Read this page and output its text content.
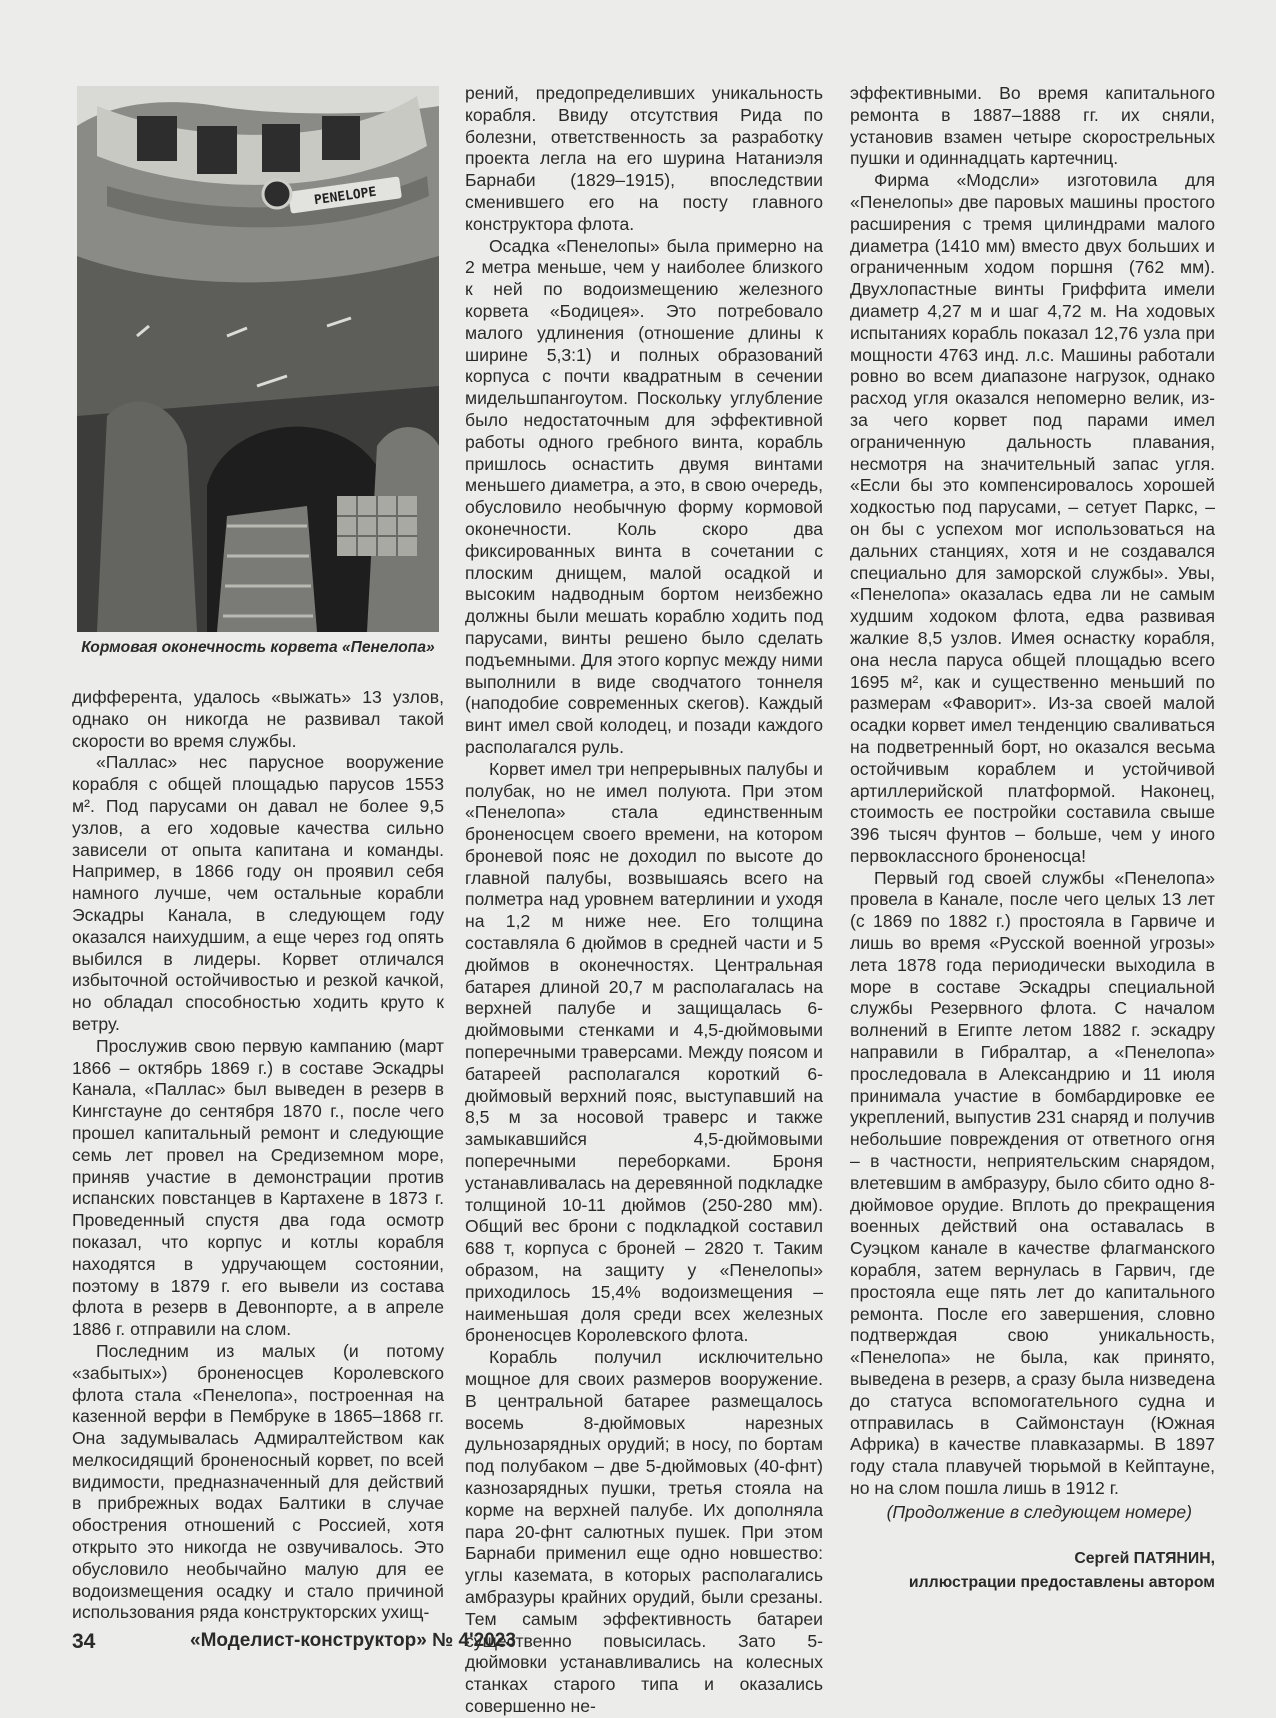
PENELOPE
Кормовая оконечность корвета «Пенелопа»

дифферента, удалось «выжать» 13 узлов, однако он никогда не развивал такой скорости во время службы.

«Паллас» нес парусное вооружение корабля с общей площадью парусов 1553 м². Под парусами он давал не более 9,5 узлов, а его ходовые качества сильно зависели от опыта капитана и команды. Например, в 1866 году он проявил себя намного лучше, чем остальные корабли Эскадры Канала, в следующем году оказался наихудшим, а еще через год опять выбился в лидеры. Корвет отличался избыточной остойчивостью и резкой качкой, но обладал способностью ходить круто к ветру.

Прослужив свою первую кампанию (март 1866 – октябрь 1869 г.) в составе Эскадры Канала, «Паллас» был выведен в резерв в Кингстауне до сентября 1870 г., после чего прошел капитальный ремонт и следующие семь лет провел на Средиземном море, приняв участие в демонстрации против испанских повстанцев в Картахене в 1873 г. Проведенный спустя два года осмотр показал, что корпус и котлы корабля находятся в удручающем состоянии, поэтому в 1879 г. его вывели из состава флота в резерв в Девонпорте, а в апреле 1886 г. отправили на слом.

Последним из малых (и потому «забытых») броненосцев Королевского флота стала «Пенелопа», построенная на казенной верфи в Пембруке в 1865–1868 гг. Она задумывалась Адмиралтейством как мелкосидящий броненосный корвет, по всей видимости, предназначенный для действий в прибрежных водах Балтики в случае обострения отношений с Россией, хотя открыто это никогда не озвучивалось. Это обусловило необычайно малую для ее водоизмещения осадку и стало причиной использования ряда конструкторских ухищ-

рений, предопределивших уникальность корабля. Ввиду отсутствия Рида по болезни, ответственность за разработку проекта легла на его шурина Натаниэля Барнаби (1829–1915), впоследствии сменившего его на посту главного конструктора флота.

Осадка «Пенелопы» была примерно на 2 метра меньше, чем у наиболее близкого к ней по водоизмещению железного корвета «Бодицея». Это потребовало малого удлинения (отношение длины к ширине 5,3:1) и полных образований корпуса с почти квадратным в сечении мидельшпангоутом. Поскольку углубление было недостаточным для эффективной работы одного гребного винта, корабль пришлось оснастить двумя винтами меньшего диаметра, а это, в свою очередь, обусловило необычную форму кормовой оконечности. Коль скоро два фиксированных винта в сочетании с плоским днищем, малой осадкой и высоким надводным бортом неизбежно должны были мешать кораблю ходить под парусами, винты решено было сделать подъемными. Для этого корпус между ними выполнили в виде сводчатого тоннеля (наподобие современных скегов). Каждый винт имел свой колодец, и позади каждого располагался руль.

Корвет имел три непрерывных палубы и полубак, но не имел полуюта. При этом «Пенелопа» стала единственным броненосцем своего времени, на котором броневой пояс не доходил по высоте до главной палубы, возвышаясь всего на полметра над уровнем ватерлинии и уходя на 1,2 м ниже нее. Его толщина составляла 6 дюймов в средней части и 5 дюймов в оконечностях. Центральная батарея длиной 20,7 м располагалась на верхней палубе и защищалась 6-дюймовыми стенками и 4,5-дюймовыми поперечными траверсами. Между поясом и батареей располагался короткий 6-дюймовый верхний пояс, выступавший на 8,5 м за носовой траверс и также замыкавшийся 4,5-дюймовыми поперечными переборками. Броня устанавливалась на деревянной подкладке толщиной 10-11 дюймов (250-280 мм). Общий вес брони с подкладкой составил 688 т, корпуса с броней – 2820 т. Таким образом, на защиту у «Пенелопы» приходилось 15,4% водоизмещения – наименьшая доля среди всех железных броненосцев Королевского флота.

Корабль получил исключительно мощное для своих размеров вооружение. В центральной батарее размещалось восемь 8-дюймовых нарезных дульнозарядных орудий; в носу, по бортам под полубаком – две 5-дюймовых (40-фнт) казнозарядных пушки, третья стояла на корме на верхней палубе. Их дополняла пара 20-фнт салютных пушек. При этом Барнаби применил еще одно новшество: углы каземата, в которых располагались амбразуры крайних орудий, были срезаны. Тем самым эффективность батареи существенно повысилась. Зато 5-дюймовки устанавливались на колесных станках старого типа и оказались совершенно не-

эффективными. Во время капитального ремонта в 1887–1888 гг. их сняли, установив взамен четыре скорострельных пушки и одиннадцать картечниц.

Фирма «Модсли» изготовила для «Пенелопы» две паровых машины простого расширения с тремя цилиндрами малого диаметра (1410 мм) вместо двух больших и ограниченным ходом поршня (762 мм). Двухлопастные винты Гриффита имели диаметр 4,27 м и шаг 4,72 м. На ходовых испытаниях корабль показал 12,76 узла при мощности 4763 инд. л.с. Машины работали ровно во всем диапазоне нагрузок, однако расход угля оказался непомерно велик, из-за чего корвет под парами имел ограниченную дальность плавания, несмотря на значительный запас угля. «Если бы это компенсировалось хорошей ходкостью под парусами, – сетует Паркс, – он бы с успехом мог использоваться на дальних станциях, хотя и не создавался специально для заморской службы». Увы, «Пенелопа» оказалась едва ли не самым худшим ходоком флота, едва развивая жалкие 8,5 узлов. Имея оснастку корабля, она несла паруса общей площадью всего 1695 м², как и существенно меньший по размерам «Фаворит». Из-за своей малой осадки корвет имел тенденцию сваливаться на подветренный борт, но оказался весьма остойчивым кораблем и устойчивой артиллерийской платформой. Наконец, стоимость ее постройки составила свыше 396 тысяч фунтов – больше, чем у иного первоклассного броненосца!

Первый год своей службы «Пенелопа» провела в Канале, после чего целых 13 лет (с 1869 по 1882 г.) простояла в Гарвиче и лишь во время «Русской военной угрозы» лета 1878 года периодически выходила в море в составе Эскадры специальной службы Резервного флота. С началом волнений в Египте летом 1882 г. эскадру направили в Гибралтар, а «Пенелопа» проследовала в Александрию и 11 июля принимала участие в бомбардировке ее укреплений, выпустив 231 снаряд и получив небольшие повреждения от ответного огня – в частности, неприятельским снарядом, влетевшим в амбразуру, было сбито одно 8-дюймовое орудие. Вплоть до прекращения военных действий она оставалась в Суэцком канале в качестве флагманского корабля, затем вернулась в Гарвич, где простояла еще пять лет до капитального ремонта. После его завершения, словно подтверждая свою уникальность, «Пенелопа» не была, как принято, выведена в резерв, а сразу была низведена до статуса вспомогательного судна и отправилась в Саймонстаун (Южная Африка) в качестве плавказармы. В 1897 году стала плавучей тюрьмой в Кейптауне, но на слом пошла лишь в 1912 г.

(Продолжение в следующем номере)
Сергей ПАТЯНИН,
иллюстрации предоставлены автором
34	«Моделист-конструктор» № 4'2023
